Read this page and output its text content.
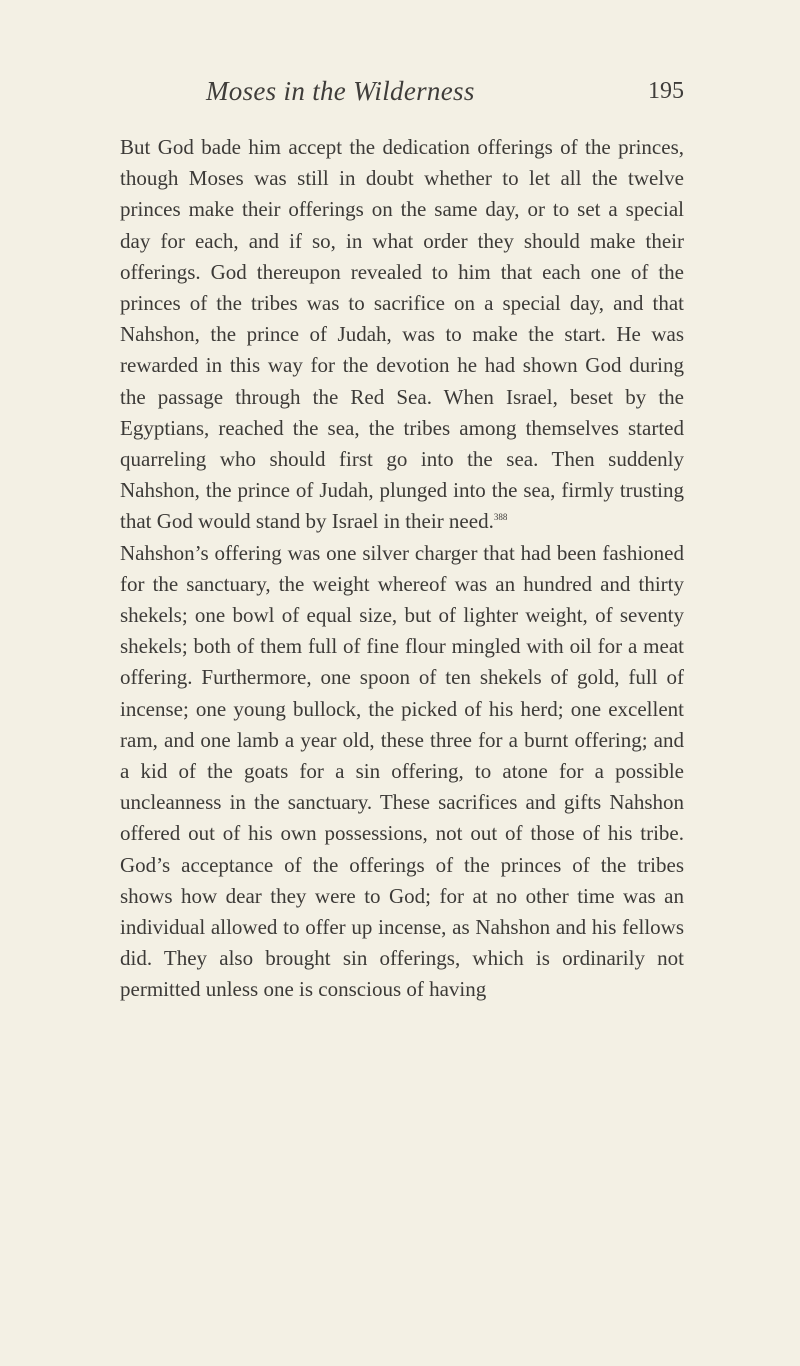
Moses in the Wilderness	195

But God bade him accept the dedication offerings of the princes, though Moses was still in doubt whether to let all the twelve princes make their offerings on the same day, or to set a special day for each, and if so, in what order they should make their offerings. God thereupon revealed to him that each one of the princes of the tribes was to sacrifice on a special day, and that Nahshon, the prince of Judah, was to make the start. He was rewarded in this way for the devotion he had shown God during the passage through the Red Sea. When Israel, beset by the Egyptians, reached the sea, the tribes among themselves started quarreling who should first go into the sea. Then suddenly Nahshon, the prince of Judah, plunged into the sea, firmly trusting that God would stand by Israel in their need.$^{388}$

Nahshon’s offering was one silver charger that had been fashioned for the sanctuary, the weight whereof was an hundred and thirty shekels; one bowl of equal size, but of lighter weight, of seventy shekels; both of them full of fine flour mingled with oil for a meat offering. Furthermore, one spoon of ten shekels of gold, full of incense; one young bullock, the picked of his herd; one excellent ram, and one lamb a year old, these three for a burnt offering; and a kid of the goats for a sin offering, to atone for a possible uncleanness in the sanctuary. These sacrifices and gifts Nahshon offered out of his own possessions, not out of those of his tribe. God’s acceptance of the offerings of the princes of the tribes shows how dear they were to God; for at no other time was an individual allowed to offer up incense, as Nahshon and his fellows did. They also brought sin offerings, which is ordinarily not permitted unless one is conscious of having
